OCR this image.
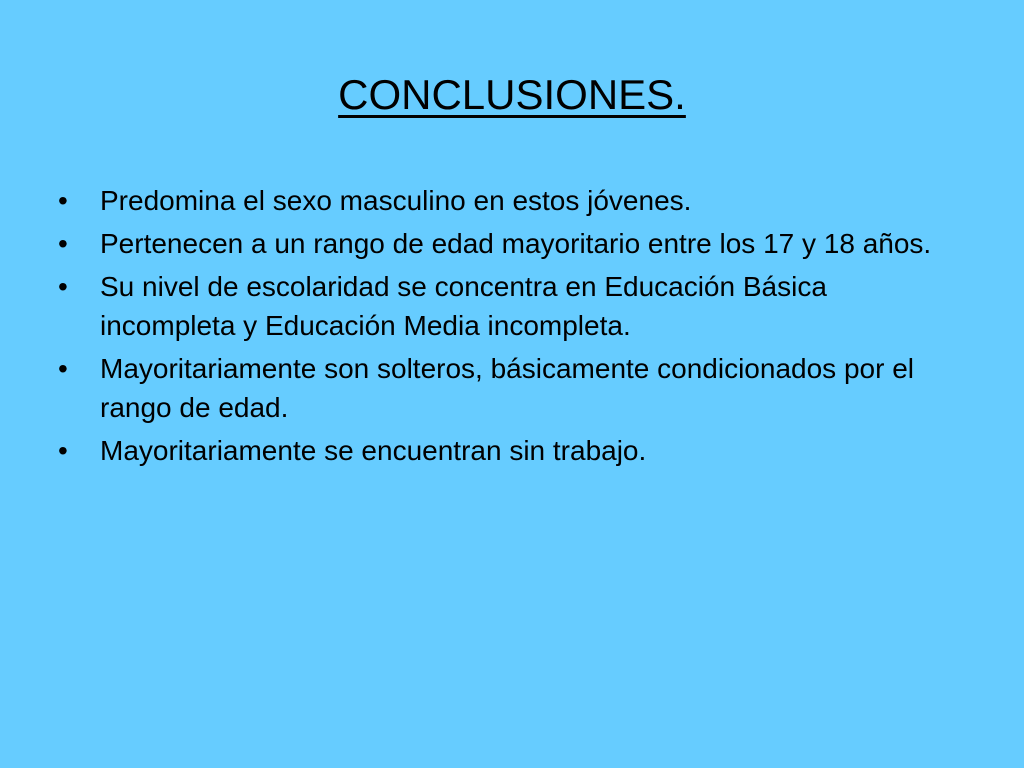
CONCLUSIONES.
•	Predomina el sexo masculino en estos jóvenes.
•	Pertenecen a un rango de edad mayoritario entre los 17 y 18 años.
•	Su nivel de escolaridad se concentra en Educación Básica incompleta y Educación Media incompleta.
•	Mayoritariamente son solteros, básicamente condicionados por el rango de edad.
•	Mayoritariamente se encuentran sin trabajo.
